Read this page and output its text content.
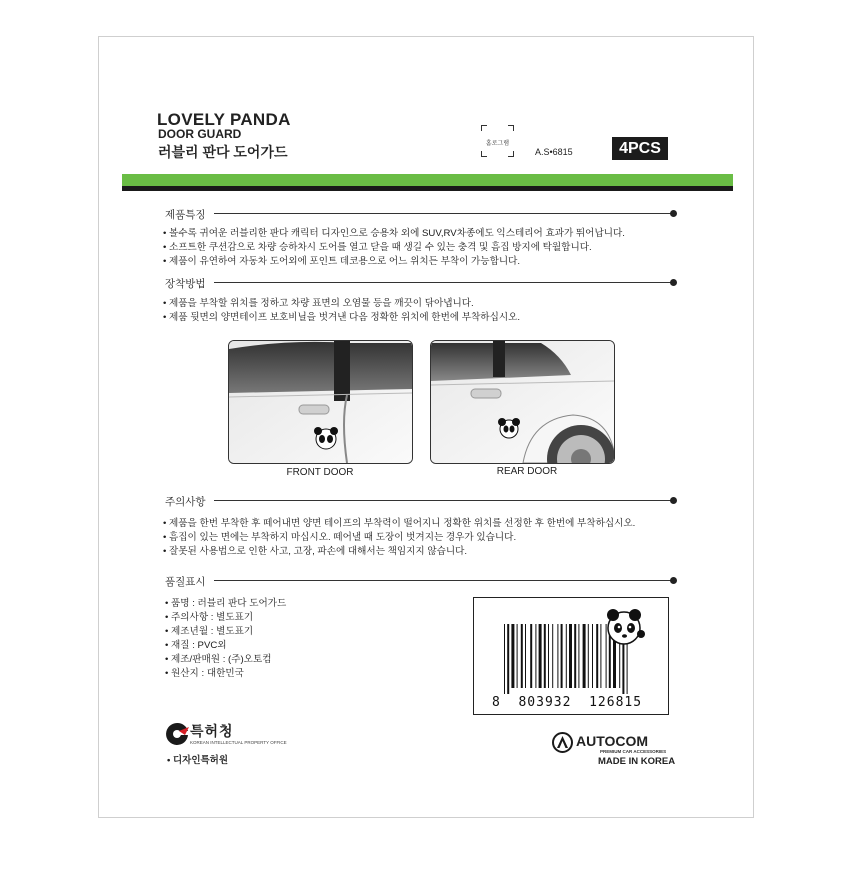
LOVELY PANDA
DOOR GUARD
러블리 판다 도어가드	홈로그램
A.S•6815	4PCS
제품특징
• 볼수록 귀여운 러블리한 판다 캐릭터 디자인으로 승용차 외에 SUV,RV차종에도 익스테리어 효과가 뛰어납니다.
• 소프트한 쿠션감으로 차량 승하차시 도어를 열고 닫을 때 생길 수 있는 충격 및 흠집 방지에 탁월합니다.
• 제품이 유연하여 자동차 도어외에 포인트 데코용으로 어느 위치든 부착이 가능합니다.
장착방법
• 제품을 부착할 위치를 정하고 차량 표면의 오염물 등을 깨끗이 닦아냅니다.
• 제품 뒷면의 양면테이프 보호비닐을 벗겨낸 다음 정확한 위치에 한번에 부착하십시오.
FRONT DOOR	REAR DOOR
주의사항
• 제품을 한번 부착한 후 떼어내면 양면 테이프의 부착력이 떨어지니 정확한 위치를 선정한 후 한번에 부착하십시오.
• 흠집이 있는 면에는 부착하지 마십시오. 떼어낼 때 도장이 벗겨지는 경우가 있습니다.
• 잘못된 사용법으로 인한 사고, 고장, 파손에 대해서는 책임지지 않습니다.
품질표시
• 품명 : 러블리 판다 도어가드
• 주의사항 : 별도표기
• 제조년월 : 별도표기
• 재질 : PVC외
• 제조/판매원 : (주)오토컴
• 원산지 : 대한민국
8  803932  126815
특허청
KOREAN INTELLECTUAL PROPERTY OFFICE
• 디자인특허원
AUTOCOM
PREMIUM CAR ACCESSORIES
MADE IN KOREA
